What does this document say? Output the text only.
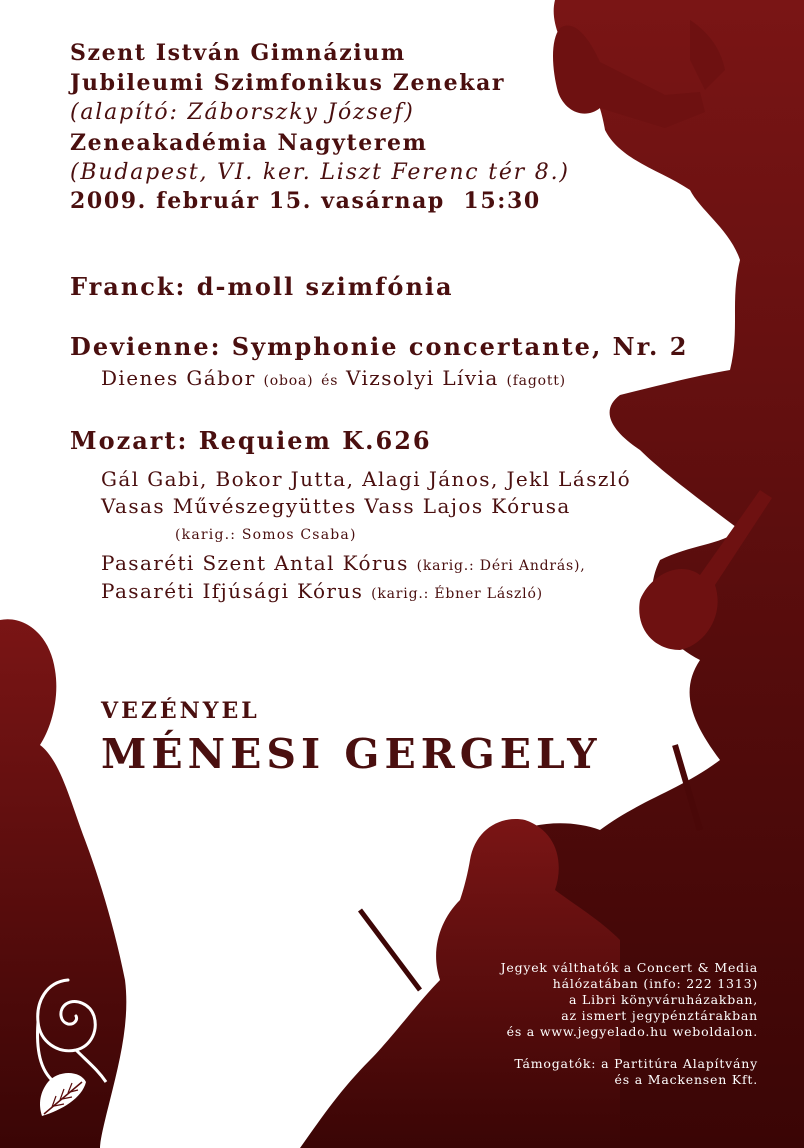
Szent István Gimnázium

Jubileumi Szimfonikus Zenekar

(alapító: Záborszky József)

Zeneakadémia Nagyterem

(Budapest, VI. ker. Liszt Ferenc tér 8.)

2009. február 15. vasárnap  15:30

Franck: d-moll szimfónia

Devienne: Symphonie concertante, Nr. 2

Dienes Gábor (oboa) és Vizsolyi Lívia (fagott)

Mozart: Requiem K.626

Gál Gabi, Bokor Jutta, Alagi János, Jekl László

Vasas Művészegyüttes Vass Lajos Kórusa

(karig.: Somos Csaba)

Pasaréti Szent Antal Kórus (karig.: Déri András),

Pasaréti Ifjúsági Kórus (karig.: Ébner László)

VEZÉNYEL

MÉNESI GERGELY

Jegyek válthatók a Concert & Media
hálózatában (info: 222 1313)
a Libri könyváruházakban,
az ismert jegypénztárakban
és a www.jegyelado.hu weboldalon.
Támogatók: a Partitúra Alapítvány
és a Mackensen Kft.
